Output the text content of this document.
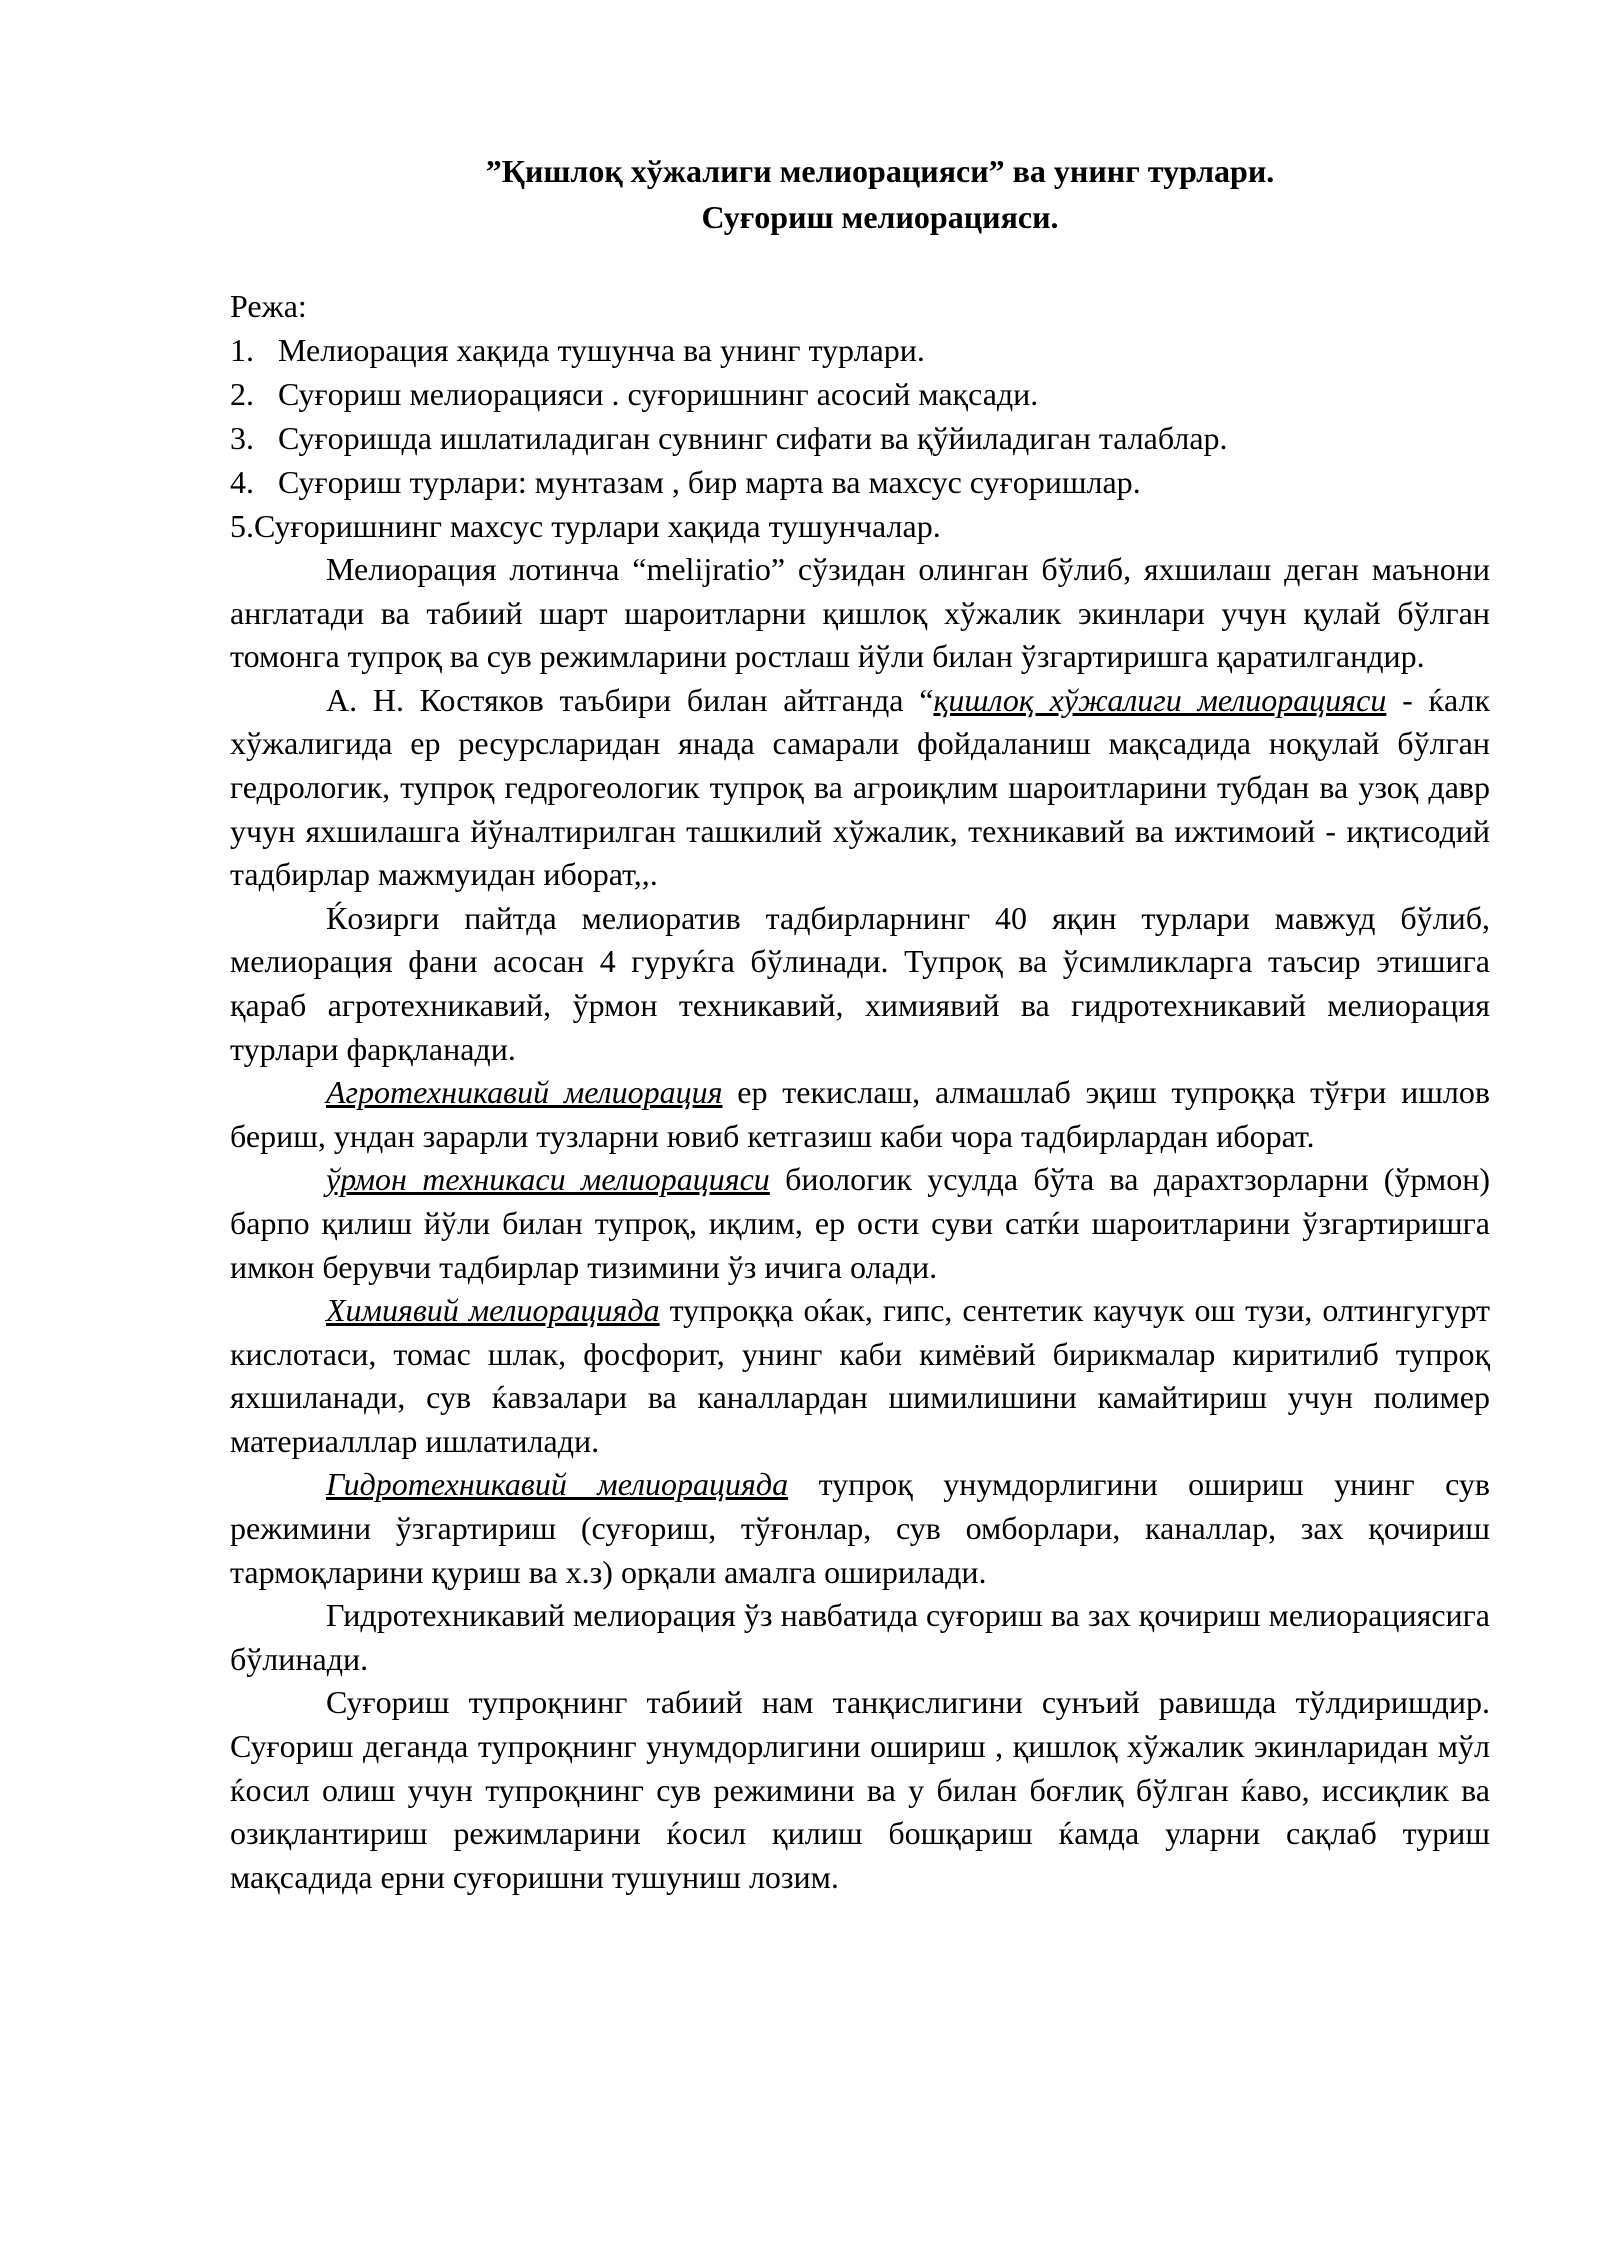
”Қишлоқ хўжалиги мелиорацияси” ва унинг турлари.
Суғориш мелиорацияси.
Режа:
1. Мелиорация хақида тушунча ва унинг турлари.
2. Суғориш мелиорацияси . суғоришнинг асосий мақсади.
3. Суғоришда ишлатиладиган сувнинг сифати ва қўйиладиган талаблар.
4. Суғориш турлари: мунтазам , бир марта ва махсус суғоришлар.
5.Суғоришнинг махсус турлари хақида тушунчалар.

Мелиорация лотинча “melijratio” сўзидан олинган бўлиб, яхшилаш деган маънони англатади ва табиий шарт шароитларни қишлоқ хўжалик экинлари учун қулай бўлган томонга тупроқ ва сув режимларини ростлаш йўли билан ўзгартиришга қаратилгандир.

А. Н. Костяков таъбири билан айтганда “қишлоқ хўжалиги мелиорацияси - ќалк хўжалигида ер ресурсларидан янада самарали фойдаланиш мақсадида ноқулай бўлган гедрологик, тупроқ гедрогеологик тупроқ ва агроиқлим шароитларини тубдан ва узоқ давр учун яхшилашга йўналтирилган ташкилий хўжалик, техникавий ва ижтимоий - иқтисодий тадбирлар мажмуидан иборат,,.

Ќозирги пайтда мелиоратив тадбирларнинг 40 яқин турлари мавжуд бўлиб, мелиорация фани асосан 4 гуруќга бўлинади. Тупроқ ва ўсимликларга таъсир этишига қараб агротехникавий, ўрмон техникавий, химиявий ва гидротехникавий мелиорация турлари фарқланади.

Агротехникавий мелиорация ер текислаш, алмашлаб эқиш тупроққа тўғри ишлов бериш, ундан зарарли тузларни ювиб кетгазиш каби чора тадбирлардан иборат.

ўрмон техникаси мелиорацияси биологик усулда бўта ва дарахтзорларни (ўрмон) барпо қилиш йўли билан тупроқ, иқлим, ер ости суви сатќи шароитларини ўзгартиришга имкон берувчи тадбирлар тизимини ўз ичига олади.

Химиявий мелиорацияда тупроққа оќак, гипс, сентетик каучук ош тузи, олтингугурт кислотаси, томас шлак, фосфорит, унинг каби кимёвий бирикмалар киритилиб тупроқ яхшиланади, сув ќавзалари ва каналлардан шимилишини камайтириш учун полимер материалллар ишлатилади.

Гидротехникавий мелиорацияда тупроқ унумдорлигини ошириш унинг сув режимини ўзгартириш (суғориш, тўғонлар, сув омборлари, каналлар, зах қочириш тармоқларини қуриш ва х.з) орқали амалга оширилади.

Гидротехникавий мелиорация ўз навбатида суғориш ва зах қочириш мелиорациясига бўлинади.

Суғориш тупроқнинг табиий нам танқислигини сунъий равишда тўлдиришдир. Суғориш деганда тупроқнинг унумдорлигини ошириш , қишлоқ хўжалик экинларидан мўл ќосил олиш учун тупроқнинг сув режимини ва у билан боғлиқ бўлган ќаво, иссиқлик ва озиқлантириш режимларини ќосил қилиш бошқариш ќамда уларни сақлаб туриш мақсадида ерни суғоришни тушуниш лозим.
